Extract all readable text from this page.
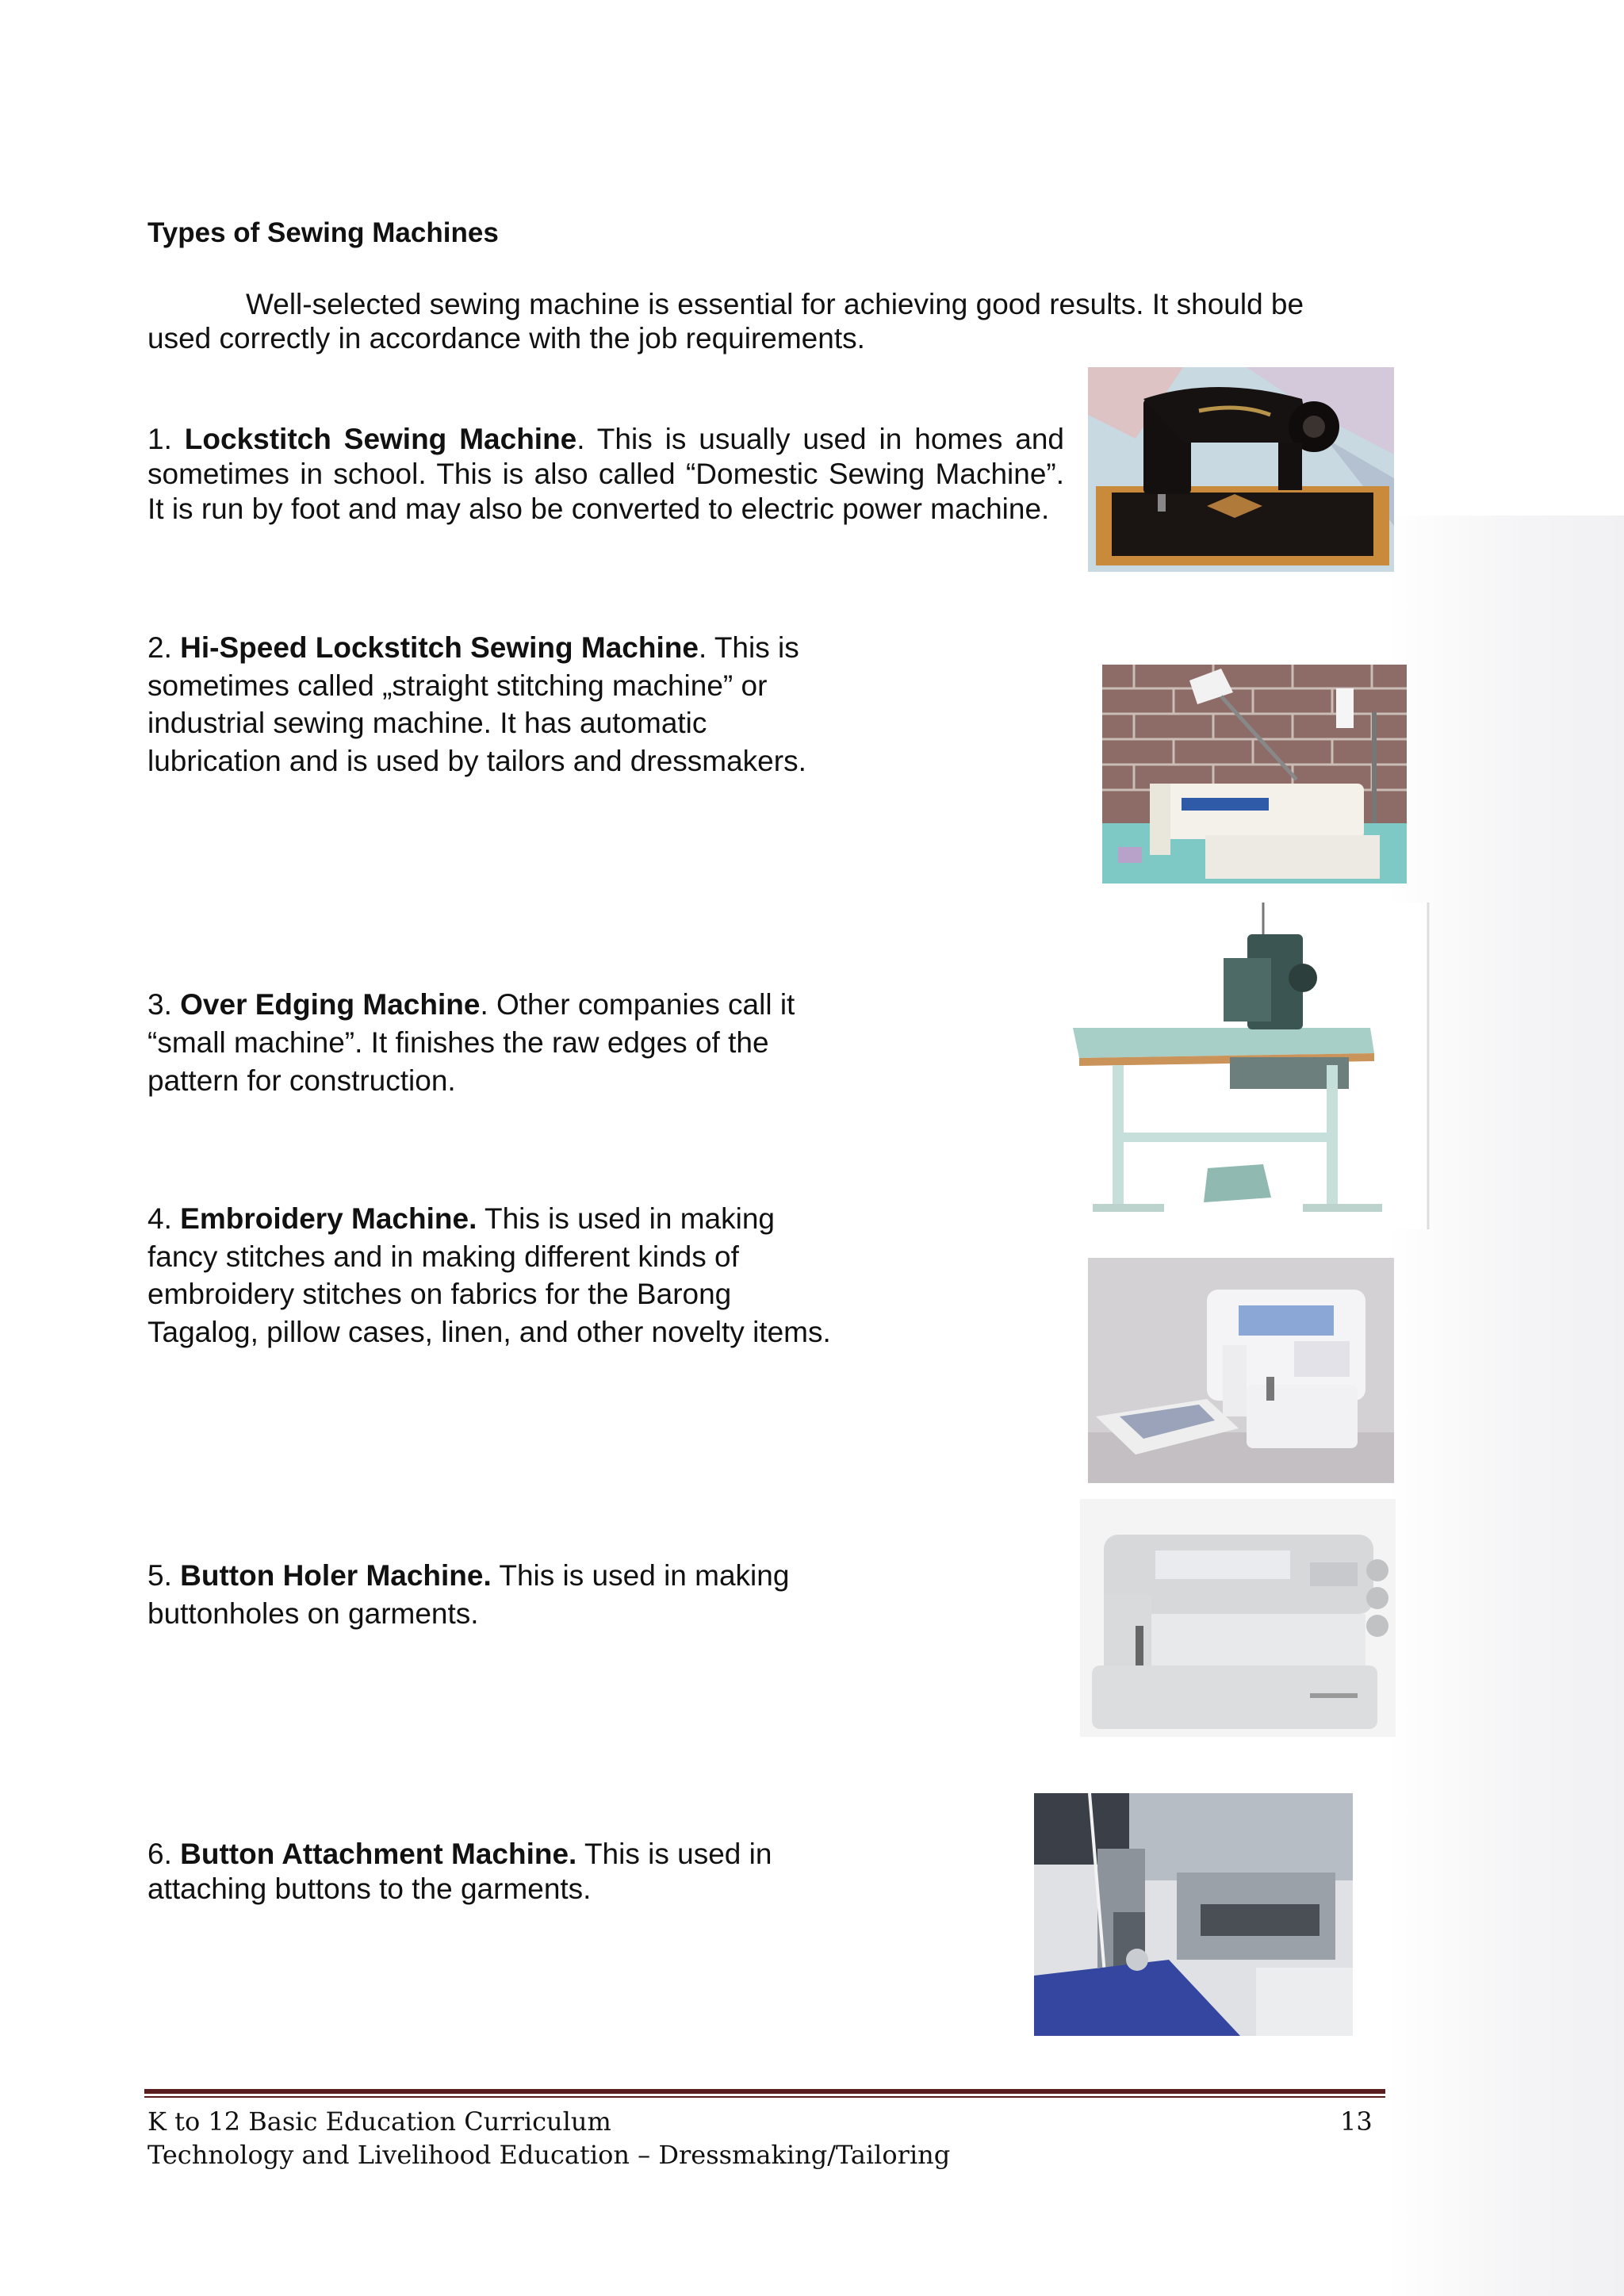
Types of Sewing Machines
Well-selected sewing machine is essential for achieving good results. It should be
used correctly in accordance with the job requirements.
1. Lockstitch Sewing Machine. This is usually used in homes and sometimes in school. This is also called “Domestic Sewing Machine”. It is run by foot and may also be converted to electric power machine.
2. Hi-Speed Lockstitch Sewing Machine. This is sometimes called „straight stitching machine” or industrial sewing machine. It has automatic lubrication and is used by tailors and dressmakers.
3. Over Edging Machine. Other companies call it “small machine”. It finishes the raw edges of the pattern for construction.
4. Embroidery Machine. This is used in making fancy stitches and in making different kinds of embroidery stitches on fabrics for the Barong Tagalog, pillow cases, linen, and other novelty items.
5. Button Holer Machine. This is used in making buttonholes on garments.
6. Button Attachment Machine. This is used in attaching buttons to the garments.
K to 12 Basic Education Curriculum
Technology and Livelihood Education – Dressmaking/Tailoring
13
